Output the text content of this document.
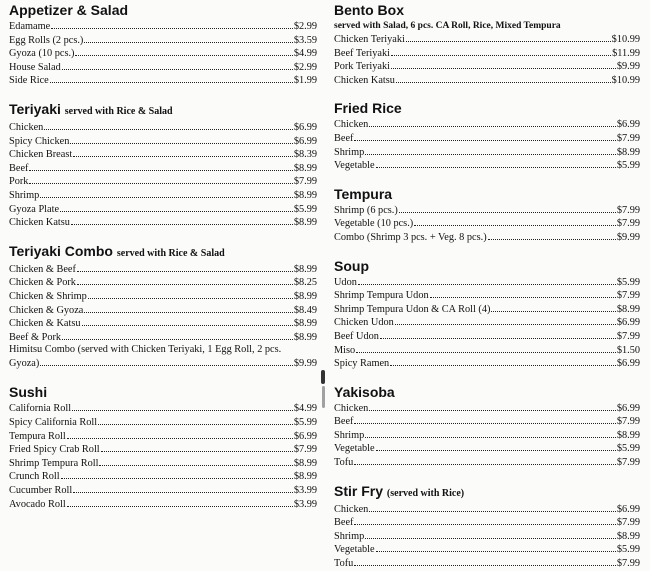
Appetizer & Salad
Edamame	$2.99
Egg Rolls (2 pcs.)	$3.59
Gyoza (10 pcs.)	$4.99
House Salad	$2.99
Side Rice	$1.99
Teriyaki served with Rice & Salad
Chicken	$6.99
Spicy Chicken	$6.99
Chicken Breast	$8.39
Beef	$8.99
Pork	$7.99
Shrimp	$8.99
Gyoza Plate	$5.99
Chicken Katsu	$8.99
Teriyaki Combo served with Rice & Salad
Chicken & Beef	$8.99
Chicken & Pork	$8.25
Chicken & Shrimp	$8.99
Chicken & Gyoza	$8.49
Chicken & Katsu	$8.99
Beef & Pork	$8.99
Himitsu Combo (served with Chicken Teriyaki, 1 Egg Roll, 2 pcs.
Gyoza)	$9.99
Sushi
California Roll	$4.99
Spicy California Roll	$5.99
Tempura Roll	$6.99
Fried Spicy Crab Roll	$7.99
Shrimp Tempura Roll	$8.99
Crunch Roll	$8.99
Cucumber Roll	$3.99
Avocado Roll	$3.99
Bento Box
served with Salad, 6 pcs. CA Roll, Rice, Mixed Tempura
Chicken Teriyaki	$10.99
Beef Teriyaki	$11.99
Pork Teriyaki	$9.99
Chicken Katsu	$10.99
Fried Rice
Chicken	$6.99
Beef	$7.99
Shrimp	$8.99
Vegetable	$5.99
Tempura
Shrimp (6 pcs.)	$7.99
Vegetable (10 pcs.)	$7.99
Combo (Shrimp 3 pcs. + Veg. 8 pcs.)	$9.99
Soup
Udon	$5.99
Shrimp Tempura Udon	$7.99
Shrimp Tempura Udon & CA Roll (4)	$8.99
Chicken Udon	$6.99
Beef Udon	$7.99
Miso	$1.50
Spicy Ramen	$6.99
Yakisoba
Chicken	$6.99
Beef	$7.99
Shrimp	$8.99
Vegetable	$5.99
Tofu	$7.99
Stir Fry (served with Rice)
Chicken	$6.99
Beef	$7.99
Shrimp	$8.99
Vegetable	$5.99
Tofu	$7.99
